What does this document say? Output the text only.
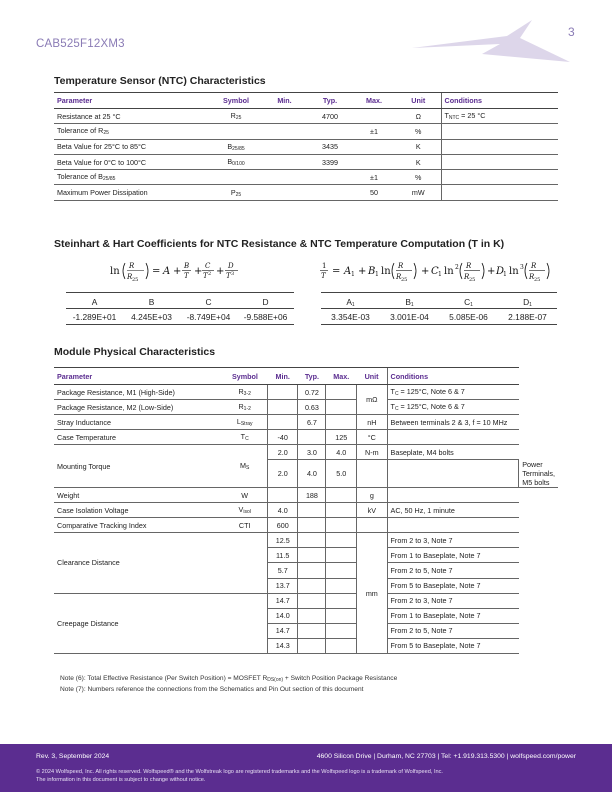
CAB525F12XM3
3
Temperature Sensor (NTC) Characteristics
Parameter	Symbol	Min.	Typ.	Max.	Unit	Conditions
Resistance at 25 °C	$R_{25}$		4700		Ω	$T_{NTC} = 25$ °C
Tolerance of $R_{25}$				±1	%	
Beta Value for 25°C to 85°C	$B_{25/85}$		3435		K	
Beta Value for 0°C to 100°C	$B_{0/100}$		3399		K	
Tolerance of $B_{25/85}$				±1	%	
Maximum Power Dissipation	$P_{25}$			50	mW	
Steinhart & Hart Coefficients for NTC Resistance & NTC Temperature Computation (T in K)
ln R
R 25
= A + B
T + C
T 2 + D
T 3
1
T = A 1 + B 1 ln R
R 25
+ C 1 ln 2 R
R 25
+ D
1 ln 3 R
R 25
A	B	C	D
-1.289E+01	4.245E+03	-8.749E+04	-9.588E+06
$A_1$	$B_1$	$C_1$	$D_1$
3.354E-03	3.001E-04	5.085E-06	2.188E-07
Module Physical Characteristics
Parameter	Symbol	Min.	Typ.	Max.	Unit	Conditions	
Package Resistance, M1 (High-Side)	$R_{3-2}$		0.72		mΩ	$T_C = 125^\circ C$, Note 6 & 7	
Package Resistance, M2 (Low-Side)	$R_{1-2}$		0.63			$T_C = 125^\circ C$, Note 6 & 7	
Stray Inductance	$L_{Stray}$		6.7		nH	Between terminals 2 & 3, f = 10 MHz	
Case Temperature	$T_C$	-40		125	°C		
Mounting Torque	$M_S$	2.0	3.0	4.0	N-m	Baseplate, M4 bolts	
		2.0	4.0	5.0			Power Terminals, M5 bolts
Weight	W		188		g		
Case Isolation Voltage	$V_{isol}$	4.0			kV	AC, 50 Hz, 1 minute	
Comparative Tracking Index	CTI	600					
Clearance Distance		12.5			mm	From 2 to 3, Note 7	
		11.5				From 1 to Baseplate, Note 7	
		5.7				From 2 to 5, Note 7	
		13.7				From 5 to Baseplate, Note 7	
Creepage Distance		14.7				From 2 to 3, Note 7	
		14.0				From 1 to Baseplate, Note 7	
		14.7				From 2 to 5, Note 7	
		14.3				From 5 to Baseplate, Note 7	
Note (6): Total Effective Resistance (Per Switch Position) = MOSFET $R_{DS(on)}$ + Switch Position Package Resistance
Note (7): Numbers reference the connections from the Schematics and Pin Out section of this document
Rev. 3, September 2024	4600 Silicon Drive | Durham, NC 27703 | Tel: +1.919.313.5300 | wolfspeed.com/power
© 2024 Wolfspeed, Inc. All rights reserved. Wolfspeed® and the Wolfstreak logo are registered trademarks and the Wolfspeed logo is a trademark of Wolfspeed, Inc.
The information in this document is subject to change without notice.
